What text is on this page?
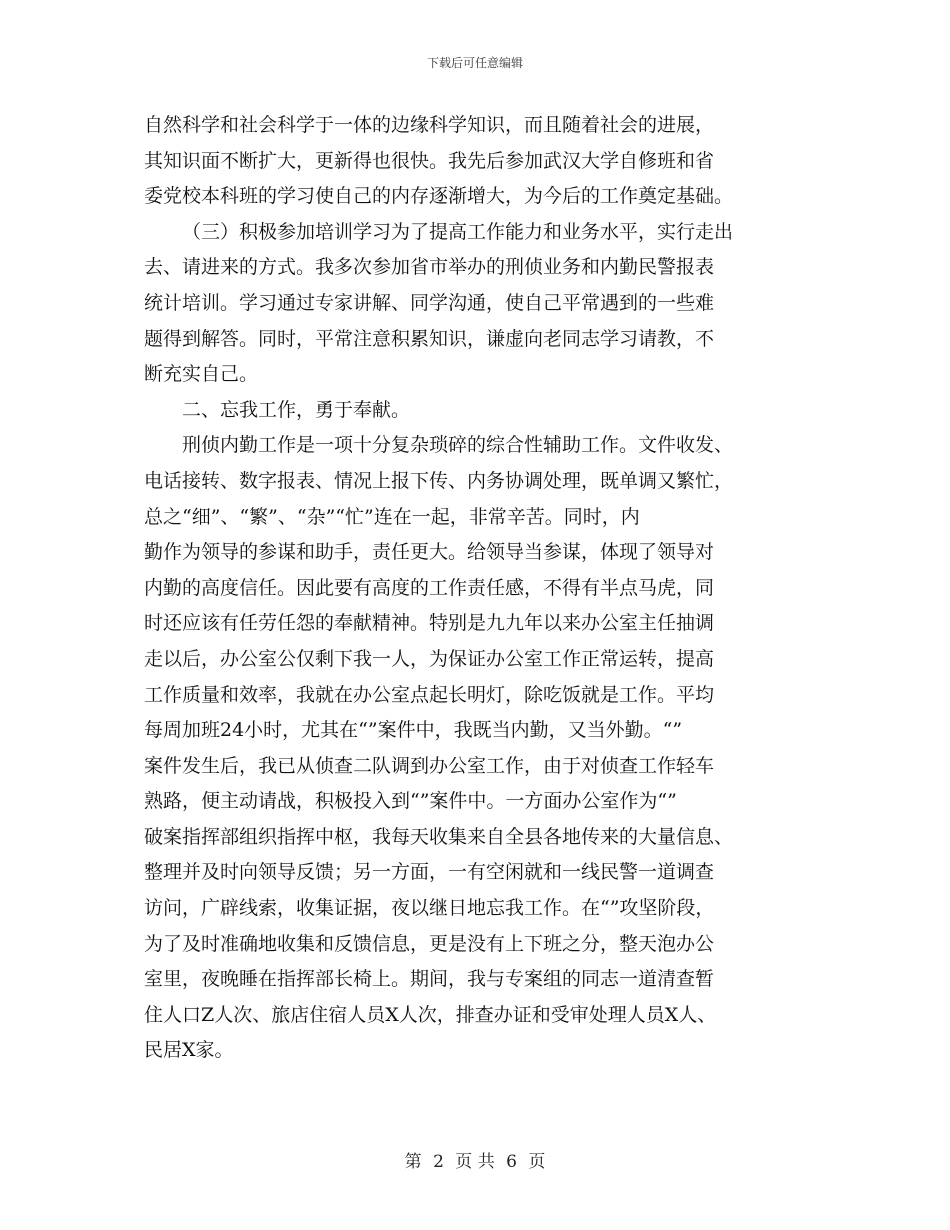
下载后可任意编辑
自然科学和社会科学于一体的边缘科学知识，而且随着社会的进展，
其知识面不断扩大，更新得也很快。我先后参加武汉大学自修班和省
委党校本科班的学习使自己的内存逐渐增大，为今后的工作奠定基础。
（三）积极参加培训学习为了提高工作能力和业务水平，实行走出
去、请进来的方式。我多次参加省市举办的刑侦业务和内勤民警报表
统计培训。学习通过专家讲解、同学沟通，使自己平常遇到的一些难
题得到解答。同时，平常注意积累知识，谦虚向老同志学习请教，不
断充实自己。
二、忘我工作，勇于奉献。
刑侦内勤工作是一项十分复杂琐碎的综合性辅助工作。文件收发、
电话接转、数字报表、情况上报下传、内务协调处理，既单调又繁忙，
总之“细”、“繁”、“杂”“忙”连在一起，非常辛苦。同时，内
勤作为领导的参谋和助手，责任更大。给领导当参谋，体现了领导对
内勤的高度信任。因此要有高度的工作责任感，不得有半点马虎，同
时还应该有任劳任怨的奉献精神。特别是九九年以来办公室主任抽调
走以后，办公室公仅剩下我一人，为保证办公室工作正常运转，提高
工作质量和效率，我就在办公室点起长明灯，除吃饭就是工作。平均
每周加班24小时，尤其在“”案件中，我既当内勤，又当外勤。“”
案件发生后，我已从侦查二队调到办公室工作，由于对侦查工作轻车
熟路，便主动请战，积极投入到“”案件中。一方面办公室作为“”
破案指挥部组织指挥中枢，我每天收集来自全县各地传来的大量信息、
整理并及时向领导反馈；另一方面，一有空闲就和一线民警一道调查
访问，广辟线索，收集证据，夜以继日地忘我工作。在“”攻坚阶段，
为了及时准确地收集和反馈信息，更是没有上下班之分，整天泡办公
室里，夜晚睡在指挥部长椅上。期间，我与专案组的同志一道清查暂
住人口Z人次、旅店住宿人员X人次，排查办证和受审处理人员X人、
民居X家。
第 2 页 共 6 页
